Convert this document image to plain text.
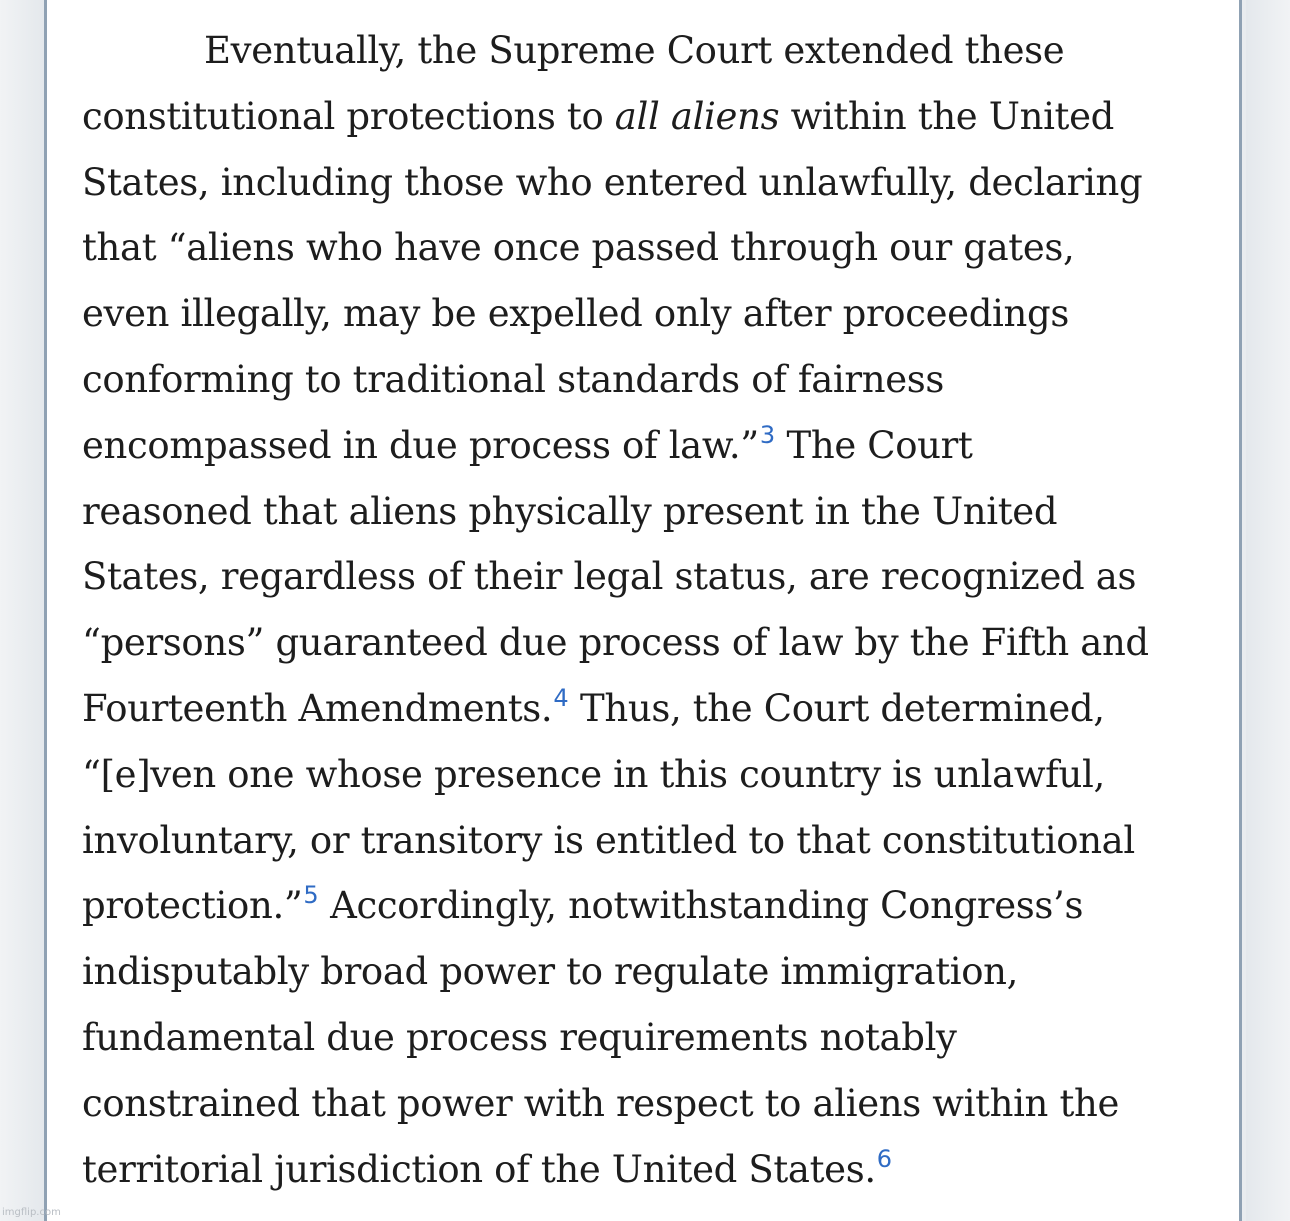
Eventually, the Supreme Court extended these
constitutional protections to all aliens within the United
States, including those who entered unlawfully, declaring
that “aliens who have once passed through our gates,
even illegally, may be expelled only after proceedings
conforming to traditional standards of fairness
encompassed in due process of law.”$^3$ The Court
reasoned that aliens physically present in the United
States, regardless of their legal status, are recognized as
“persons” guaranteed due process of law by the Fifth and
Fourteenth Amendments.$^4$ Thus, the Court determined,
“[e]ven one whose presence in this country is unlawful,
involuntary, or transitory is entitled to that constitutional
protection.”$^5$ Accordingly, notwithstanding Congress’s
indisputably broad power to regulate immigration,
fundamental due process requirements notably
constrained that power with respect to aliens within the
territorial jurisdiction of the United States.$^6$

imgflip.com
